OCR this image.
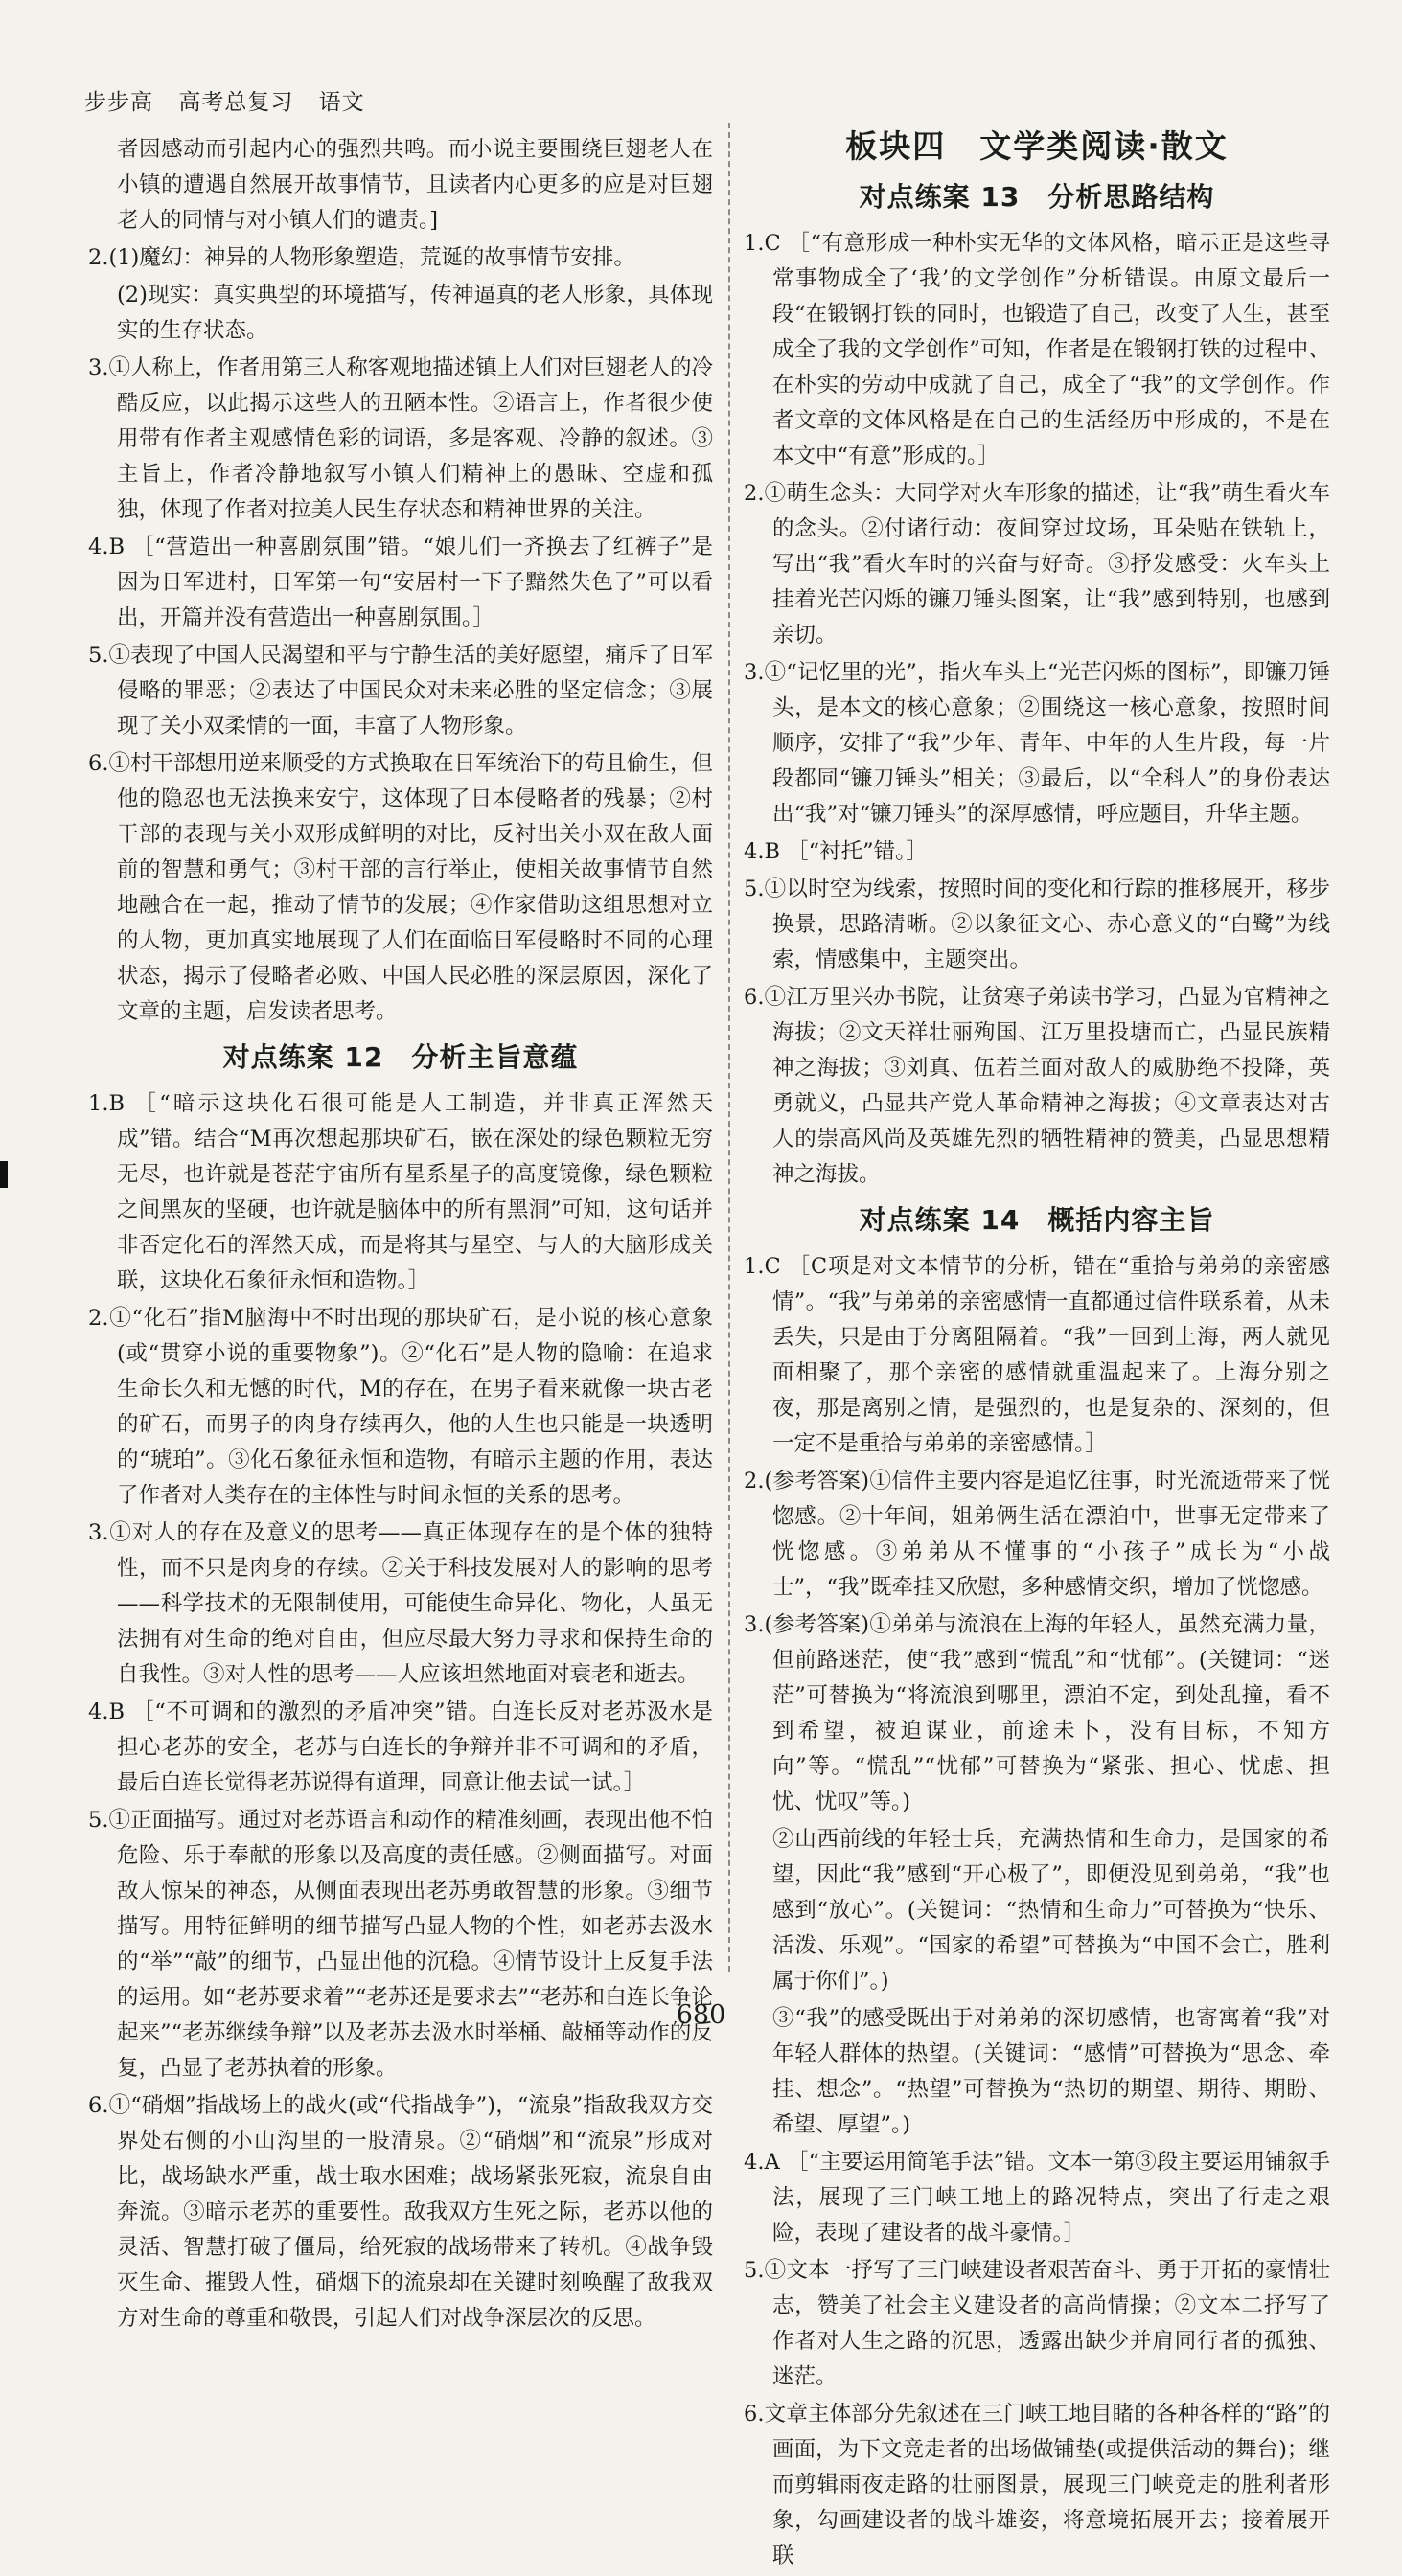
步步高 高考总复习 语文

者因感动而引起内心的强烈共鸣。而小说主要围绕巨翅老人在小镇的遭遇自然展开故事情节，且读者内心更多的应是对巨翅老人的同情与对小镇人们的谴责。]

2.(1)魔幻：神异的人物形象塑造，荒诞的故事情节安排。

(2)现实：真实典型的环境描写，传神逼真的老人形象，具体现实的生存状态。

3.①人称上，作者用第三人称客观地描述镇上人们对巨翅老人的冷酷反应，以此揭示这些人的丑陋本性。②语言上，作者很少使用带有作者主观感情色彩的词语，多是客观、冷静的叙述。③主旨上，作者冷静地叙写小镇人们精神上的愚昧、空虚和孤独，体现了作者对拉美人民生存状态和精神世界的关注。

4.B ［“营造出一种喜剧氛围”错。“娘儿们一齐换去了红裤子”是因为日军进村，日军第一句“安居村一下子黯然失色了”可以看出，开篇并没有营造出一种喜剧氛围。］

5.①表现了中国人民渴望和平与宁静生活的美好愿望，痛斥了日军侵略的罪恶；②表达了中国民众对未来必胜的坚定信念；③展现了关小双柔情的一面，丰富了人物形象。

6.①村干部想用逆来顺受的方式换取在日军统治下的苟且偷生，但他的隐忍也无法换来安宁，这体现了日本侵略者的残暴；②村干部的表现与关小双形成鲜明的对比，反衬出关小双在敌人面前的智慧和勇气；③村干部的言行举止，使相关故事情节自然地融合在一起，推动了情节的发展；④作家借助这组思想对立的人物，更加真实地展现了人们在面临日军侵略时不同的心理状态，揭示了侵略者必败、中国人民必胜的深层原因，深化了文章的主题，启发读者思考。

对点练案 12　分析主旨意蕴

1.B ［“暗示这块化石很可能是人工制造，并非真正浑然天成”错。结合“M再次想起那块矿石，嵌在深处的绿色颗粒无穷无尽，也许就是苍茫宇宙所有星系星子的高度镜像，绿色颗粒之间黑灰的坚硬，也许就是脑体中的所有黑洞”可知，这句话并非否定化石的浑然天成，而是将其与星空、与人的大脑形成关联，这块化石象征永恒和造物。］

2.①“化石”指M脑海中不时出现的那块矿石，是小说的核心意象(或“贯穿小说的重要物象”)。②“化石”是人物的隐喻：在追求生命长久和无憾的时代，M的存在，在男子看来就像一块古老的矿石，而男子的肉身存续再久，他的人生也只能是一块透明的“琥珀”。③化石象征永恒和造物，有暗示主题的作用，表达了作者对人类存在的主体性与时间永恒的关系的思考。

3.①对人的存在及意义的思考——真正体现存在的是个体的独特性，而不只是肉身的存续。②关于科技发展对人的影响的思考——科学技术的无限制使用，可能使生命异化、物化，人虽无法拥有对生命的绝对自由，但应尽最大努力寻求和保持生命的自我性。③对人性的思考——人应该坦然地面对衰老和逝去。

4.B ［“不可调和的激烈的矛盾冲突”错。白连长反对老苏汲水是担心老苏的安全，老苏与白连长的争辩并非不可调和的矛盾，最后白连长觉得老苏说得有道理，同意让他去试一试。］

5.①正面描写。通过对老苏语言和动作的精准刻画，表现出他不怕危险、乐于奉献的形象以及高度的责任感。②侧面描写。对面敌人惊呆的神态，从侧面表现出老苏勇敢智慧的形象。③细节描写。用特征鲜明的细节描写凸显人物的个性，如老苏去汲水的“举”“敲”的细节，凸显出他的沉稳。④情节设计上反复手法的运用。如“老苏要求着”“老苏还是要求去”“老苏和白连长争论起来”“老苏继续争辩”以及老苏去汲水时举桶、敲桶等动作的反复，凸显了老苏执着的形象。

6.①“硝烟”指战场上的战火(或“代指战争”)，“流泉”指敌我双方交界处右侧的小山沟里的一股清泉。②“硝烟”和“流泉”形成对比，战场缺水严重，战士取水困难；战场紧张死寂，流泉自由奔流。③暗示老苏的重要性。敌我双方生死之际，老苏以他的灵活、智慧打破了僵局，给死寂的战场带来了转机。④战争毁灭生命、摧毁人性，硝烟下的流泉却在关键时刻唤醒了敌我双方对生命的尊重和敬畏，引起人们对战争深层次的反思。

板块四　文学类阅读·散文
对点练案 13　分析思路结构

1.C ［“有意形成一种朴实无华的文体风格，暗示正是这些寻常事物成全了‘我’的文学创作”分析错误。由原文最后一段“在锻钢打铁的同时，也锻造了自己，改变了人生，甚至成全了我的文学创作”可知，作者是在锻钢打铁的过程中、在朴实的劳动中成就了自己，成全了“我”的文学创作。作者文章的文体风格是在自己的生活经历中形成的，不是在本文中“有意”形成的。］

2.①萌生念头：大同学对火车形象的描述，让“我”萌生看火车的念头。②付诸行动：夜间穿过坟场，耳朵贴在铁轨上，写出“我”看火车时的兴奋与好奇。③抒发感受：火车头上挂着光芒闪烁的镰刀锤头图案，让“我”感到特别，也感到亲切。

3.①“记忆里的光”，指火车头上“光芒闪烁的图标”，即镰刀锤头，是本文的核心意象；②围绕这一核心意象，按照时间顺序，安排了“我”少年、青年、中年的人生片段，每一片段都同“镰刀锤头”相关；③最后，以“全科人”的身份表达出“我”对“镰刀锤头”的深厚感情，呼应题目，升华主题。

4.B ［“衬托”错。］

5.①以时空为线索，按照时间的变化和行踪的推移展开，移步换景，思路清晰。②以象征文心、赤心意义的“白鹭”为线索，情感集中，主题突出。

6.①江万里兴办书院，让贫寒子弟读书学习，凸显为官精神之海拔；②文天祥壮丽殉国、江万里投塘而亡，凸显民族精神之海拔；③刘真、伍若兰面对敌人的威胁绝不投降，英勇就义，凸显共产党人革命精神之海拔；④文章表达对古人的崇高风尚及英雄先烈的牺牲精神的赞美，凸显思想精神之海拔。

对点练案 14　概括内容主旨

1.C ［C项是对文本情节的分析，错在“重拾与弟弟的亲密感情”。“我”与弟弟的亲密感情一直都通过信件联系着，从未丢失，只是由于分离阻隔着。“我”一回到上海，两人就见面相聚了，那个亲密的感情就重温起来了。上海分别之夜，那是离别之情，是强烈的，也是复杂的、深刻的，但一定不是重拾与弟弟的亲密感情。］

2.(参考答案)①信件主要内容是追忆往事，时光流逝带来了恍惚感。②十年间，姐弟俩生活在漂泊中，世事无定带来了恍惚感。③弟弟从不懂事的“小孩子”成长为“小战士”，“我”既牵挂又欣慰，多种感情交织，增加了恍惚感。

3.(参考答案)①弟弟与流浪在上海的年轻人，虽然充满力量，但前路迷茫，使“我”感到“慌乱”和“忧郁”。(关键词：“迷茫”可替换为“将流浪到哪里，漂泊不定，到处乱撞，看不到希望，被迫谋业，前途未卜，没有目标，不知方向”等。“慌乱”“忧郁”可替换为“紧张、担心、忧虑、担忧、忧叹”等。)

②山西前线的年轻士兵，充满热情和生命力，是国家的希望，因此“我”感到“开心极了”，即便没见到弟弟，“我”也感到“放心”。(关键词：“热情和生命力”可替换为“快乐、活泼、乐观”。“国家的希望”可替换为“中国不会亡，胜利属于你们”。)

③“我”的感受既出于对弟弟的深切感情，也寄寓着“我”对年轻人群体的热望。(关键词：“感情”可替换为“思念、牵挂、想念”。“热望”可替换为“热切的期望、期待、期盼、希望、厚望”。)

4.A ［“主要运用简笔手法”错。文本一第③段主要运用铺叙手法，展现了三门峡工地上的路况特点，突出了行走之艰险，表现了建设者的战斗豪情。］

5.①文本一抒写了三门峡建设者艰苦奋斗、勇于开拓的豪情壮志，赞美了社会主义建设者的高尚情操；②文本二抒写了作者对人生之路的沉思，透露出缺少并肩同行者的孤独、迷茫。

6.文章主体部分先叙述在三门峡工地目睹的各种各样的“路”的画面，为下文竞走者的出场做铺垫(或提供活动的舞台)；继而剪辑雨夜走路的壮丽图景，展现三门峡竞走的胜利者形象，勾画建设者的战斗雄姿，将意境拓展开去；接着展开联

680
